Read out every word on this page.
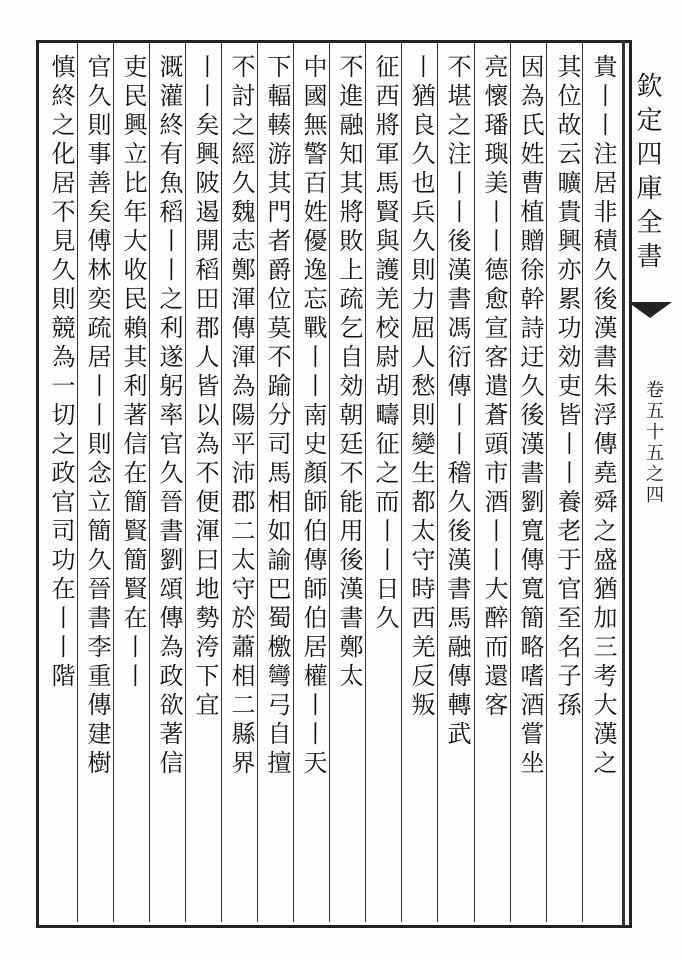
欽定四庫全書
卷五十五之四
貴丨丨注居非積久後漢書朱浮傳堯舜之盛猶加三考大漢之
其位故云曠貴興亦累功効吏皆丨丨養老于官至名子孫
因為氏姓曹植贈徐幹詩迂久後漢書劉寬傳寬簡略嗜酒嘗坐
亮懷璠璵美丨丨德愈宣客遣蒼頭市酒丨丨大醉而還客
不堪之注丨丨後漢書馮衍傳丨丨稽久後漢書馬融傳轉武
丨猶良久也兵久則力屈人愁則變生都太守時西羌反叛
征西將軍馬賢與護羌校尉胡疇征之而丨丨日久
不進融知其將敗上疏乞自効朝廷不能用後漢書鄭太
中國無警百姓優逸忘戰丨丨南史顏師伯傳師伯居權丨丨天
下輻輳游其門者爵位莫不踰分司馬相如諭巴蜀檄彎弓自擅
不討之經久魏志鄭渾傳渾為陽平沛郡二太守於蕭相二縣界
丨丨矣興陂遏開稻田郡人皆以為不便渾曰地勢洿下宜
溉灌終有魚稻丨丨之利遂躬率官久晉書劉頌傳為政欲著信
吏民興立比年大收民賴其利著信在簡賢簡賢在丨丨
官久則事善矣傅林奕疏居丨丨則念立簡久晉書李重傳建樹
慎終之化居不見久則競為一切之政官司功在丨丨階
